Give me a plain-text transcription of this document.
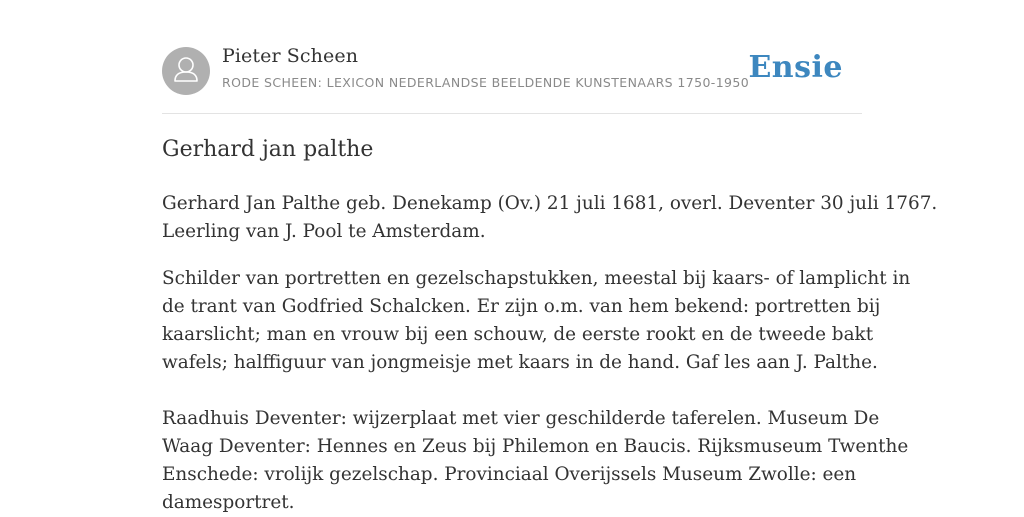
Pieter Scheen
RODE SCHEEN: LEXICON NEDERLANDSE BEELDENDE KUNSTENAARS 1750-1950 Ensie
Gerhard jan palthe

Gerhard Jan Palthe geb. Denekamp (Ov.) 21 juli 1681, overl. Deventer 30 juli 1767.
Leerling van J. Pool te Amsterdam.

Schilder van portretten en gezelschapstukken, meestal bij kaars- of lamplicht in
de trant van Godfried Schalcken. Er zijn o.m. van hem bekend: portretten bij
kaarslicht; man en vrouw bij een schouw, de eerste rookt en de tweede bakt
wafels; halffiguur van jongmeisje met kaars in de hand. Gaf les aan J. Palthe.

Raadhuis Deventer: wijzerplaat met vier geschilderde taferelen. Museum De
Waag Deventer: Hennes en Zeus bij Philemon en Baucis. Rijksmuseum Twenthe
Enschede: vrolijk gezelschap. Provinciaal Overijssels Museum Zwolle: een
damesportret.
